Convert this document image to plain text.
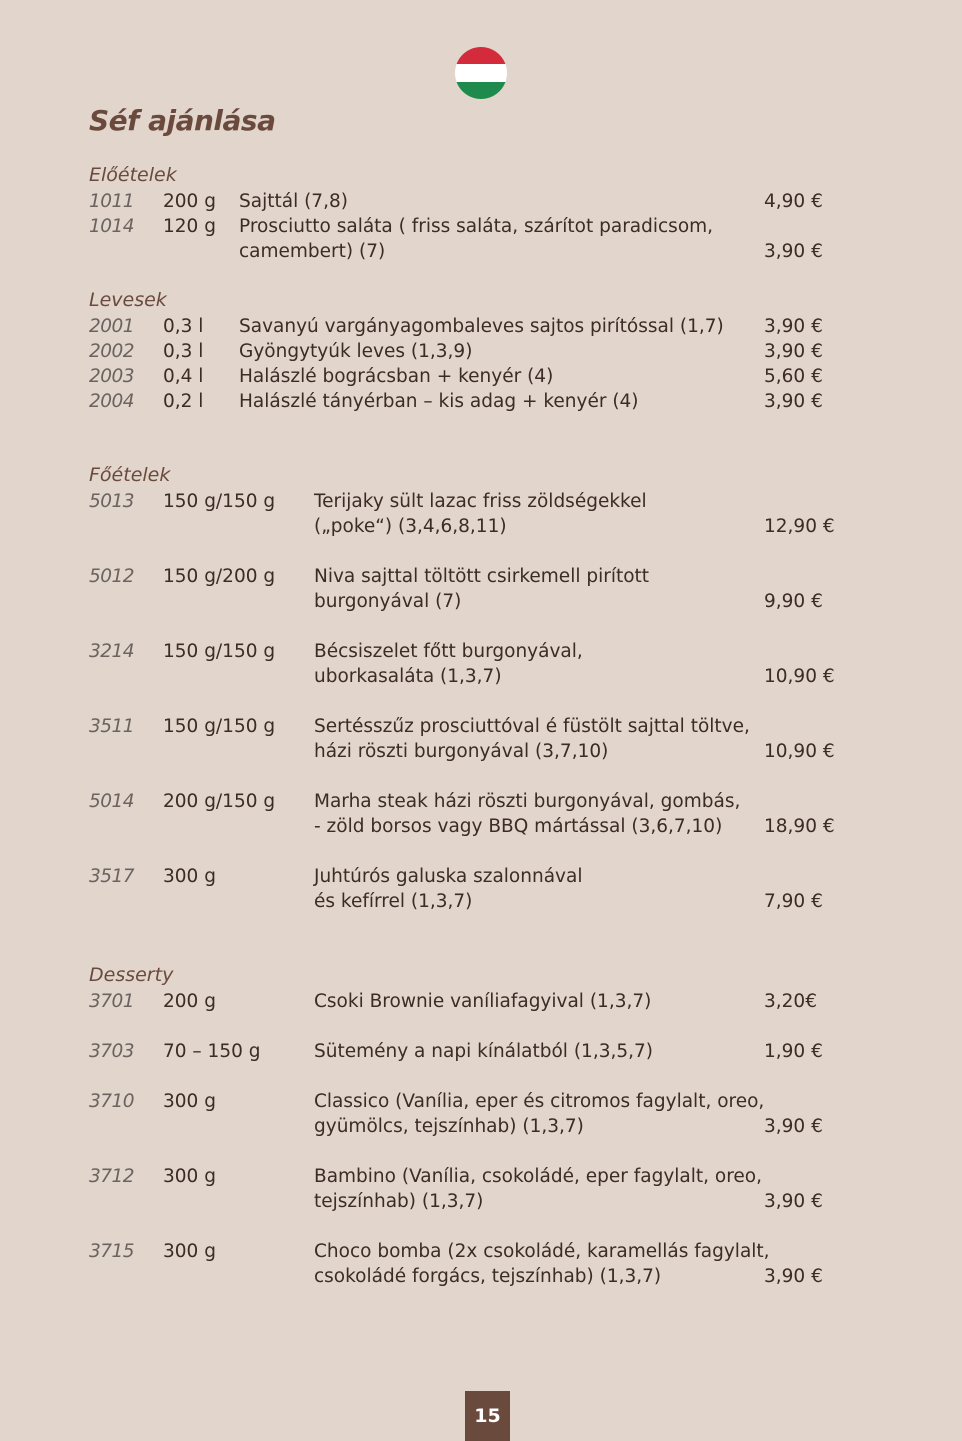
Séf ajánlása
Előételek
Levesek
Főételek
Desserty
1011 200 g Sajttál (7,8)	4,90 €
1014 120 g Prosciutto saláta ( friss saláta, szárítot paradicsom,
camembert) (7)	3,90 €
2001 0,3 l Savanyú vargányagombaleves sajtos pirítóssal (1,7) 3,90 €
2002 0,3 l Gyöngytyúk leves (1,3,9)	3,90 €
2003 0,4 l Halászlé bográcsban + kenyér (4)	5,60 €
2004 0,2 l Halászlé tányérban – kis adag + kenyér (4)	3,90 €
5013 150 g/150 g Terijaky sült lazac friss zöldségekkel
(„poke“) (3,4,6,8,11)	12,90 €
5012 150 g/200 g Niva sajttal töltött csirkemell pirított
burgonyával (7)	9,90 €
3214 150 g/150 g Bécsiszelet főtt burgonyával,
uborkasaláta (1,3,7)	10,90 €
3511 150 g/150 g Sertésszűz prosciuttóval é füstölt sajttal töltve,
házi röszti burgonyával (3,7,10)	10,90 €
5014 200 g/150 g Marha steak házi röszti burgonyával, gombás,
- zöld borsos vagy BBQ mártással (3,6,7,10)	18,90 €
3517 300 g	Juhtúrós galuska szalonnával
és kefírrel (1,3,7)	7,90 €
3701 200 g	Csoki Brownie vaníliafagyival (1,3,7)	3,20€
3703 70 – 150 g	Sütemény a napi kínálatból (1,3,5,7)	1,90 €
3710 300 g	Classico (Vanília, eper és citromos fagylalt, oreo,
gyümölcs, tejszínhab) (1,3,7)	3,90 €
3712 300 g	Bambino (Vanília, csokoládé, eper fagylalt, oreo,
tejszínhab) (1,3,7)	3,90 €
3715 300 g	Choco bomba (2x csokoládé, karamellás fagylalt,
csokoládé forgács, tejszínhab) (1,3,7)	3,90 €
15
